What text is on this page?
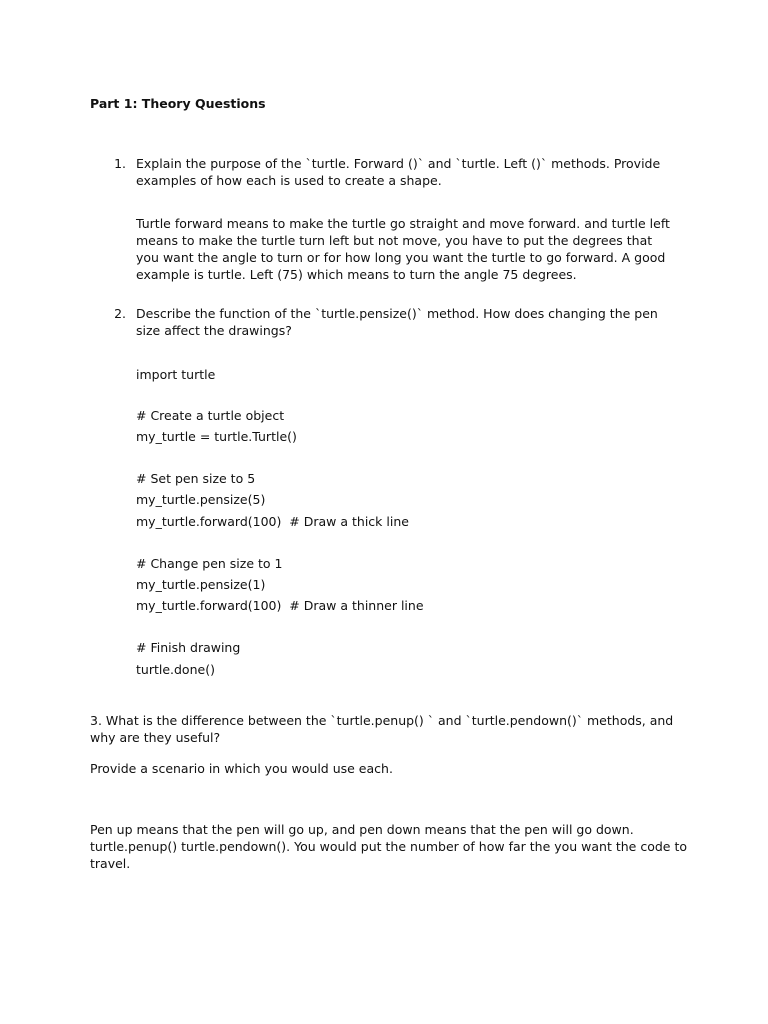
Part 1: Theory Questions
1. Explain the purpose of the `turtle. Forward ()` and `turtle. Left ()` methods. Provide examples of how each is used to create a shape.
Turtle forward means to make the turtle go straight and move forward. and turtle left means to make the turtle turn left but not move, you have to put the degrees that you want the angle to turn or for how long you want the turtle to go forward. A good example is turtle. Left (75) which means to turn the angle 75 degrees.
2. Describe the function of the `turtle.pensize()` method. How does changing the pen size affect the drawings?
import turtle
# Create a turtle object
my_turtle = turtle.Turtle()
# Set pen size to 5
my_turtle.pensize(5)
my_turtle.forward(100)  # Draw a thick line
# Change pen size to 1
my_turtle.pensize(1)
my_turtle.forward(100)  # Draw a thinner line
# Finish drawing
turtle.done()
3. What is the difference between the `turtle.penup() ` and `turtle.pendown()` methods, and why are they useful?
Provide a scenario in which you would use each.
Pen up means that the pen will go up, and pen down means that the pen will go down. turtle.penup() turtle.pendown(). You would put the number of how far the you want the code to travel.
